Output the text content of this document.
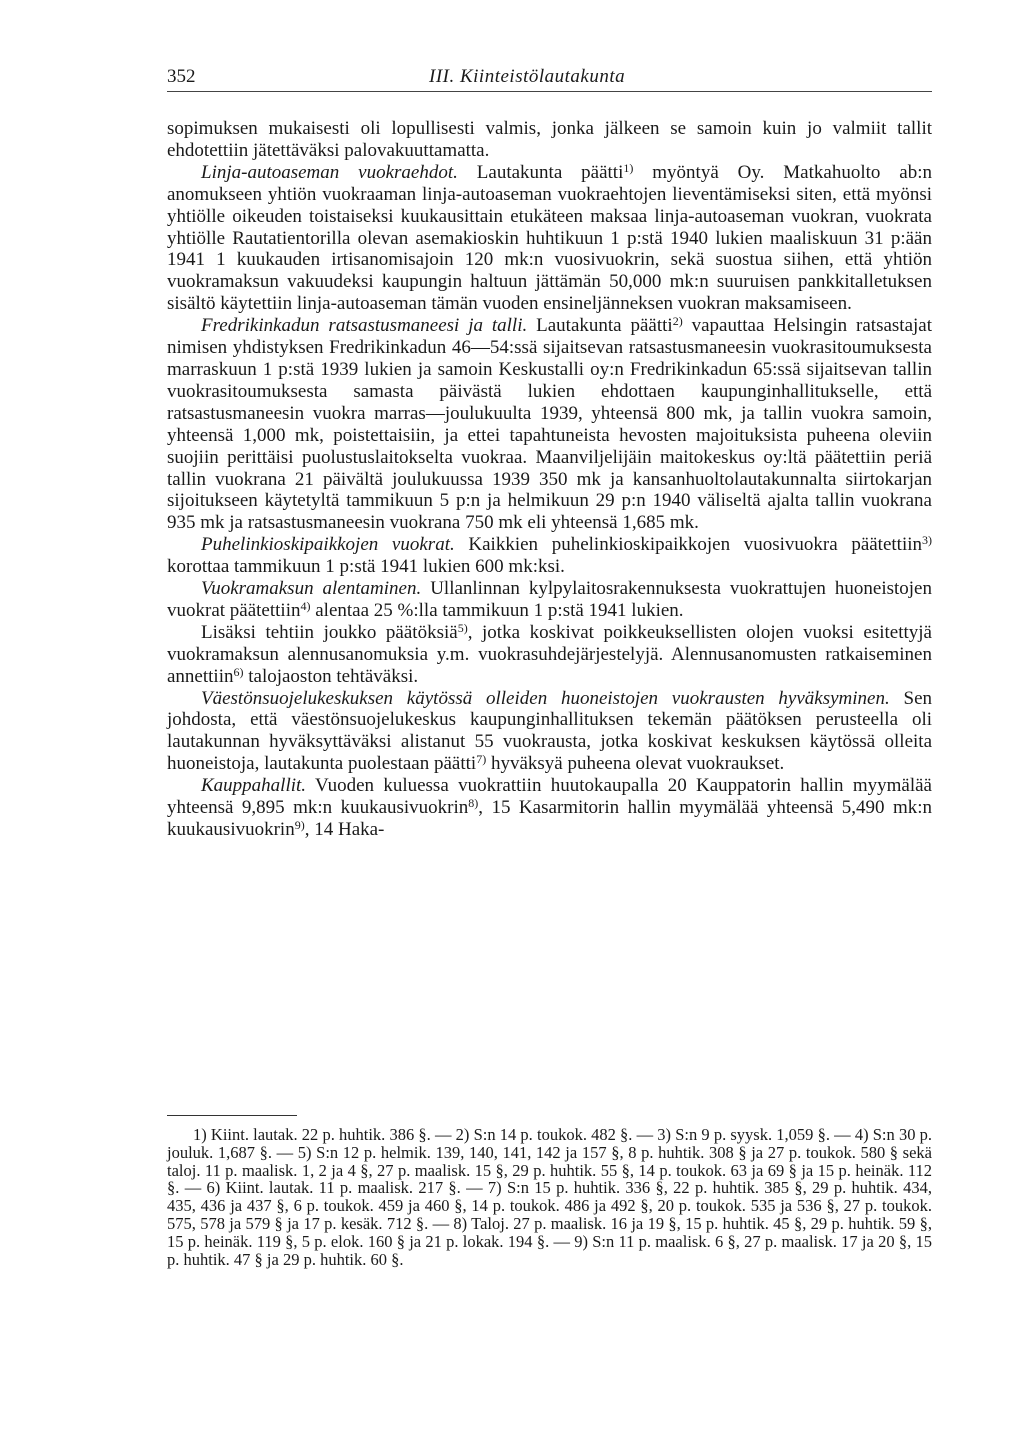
352	III. Kiinteistölautakunta

sopimuksen mukaisesti oli lopullisesti valmis, jonka jälkeen se samoin kuin jo valmiit tallit ehdotettiin jätettäväksi palovakuuttamatta.

Linja-autoaseman vuokraehdot. Lautakunta päätti$^{1)}$ myöntyä Oy. Matkahuolto ab:n anomukseen yhtiön vuokraaman linja-autoaseman vuokraehtojen lieventämiseksi siten, että myönsi yhtiölle oikeuden toistaiseksi kuukausittain etukäteen maksaa linja-autoaseman vuokran, vuokrata yhtiölle Rautatientorilla olevan asemakioskin huhtikuun 1 p:stä 1940 lukien maaliskuun 31 p:ään 1941 1 kuukauden irtisanomisajoin 120 mk:n vuosivuokrin, sekä suostua siihen, että yhtiön vuokramaksun vakuudeksi kaupungin haltuun jättämän 50,000 mk:n suuruisen pankkitalletuksen sisältö käytettiin linja-autoaseman tämän vuoden ensineljänneksen vuokran maksamiseen.

Fredrikinkadun ratsastusmaneesi ja talli. Lautakunta päätti$^{2)}$ vapauttaa Helsingin ratsastajat nimisen yhdistyksen Fredrikinkadun 46—54:ssä sijaitsevan ratsastusmaneesin vuokrasitoumuksesta marraskuun 1 p:stä 1939 lukien ja samoin Keskustalli oy:n Fredrikinkadun 65:ssä sijaitsevan tallin vuokrasitoumuksesta samasta päivästä lukien ehdottaen kaupunginhallitukselle, että ratsastusmaneesin vuokra marras—joulukuulta 1939, yhteensä 800 mk, ja tallin vuokra samoin, yhteensä 1,000 mk, poistettaisiin, ja ettei tapahtuneista hevosten majoituksista puheena oleviin suojiin perittäisi puolustuslaitokselta vuokraa. Maanviljelijäin maitokeskus oy:ltä päätettiin periä tallin vuokrana 21 päivältä joulukuussa 1939 350 mk ja kansanhuoltolautakunnalta siirtokarjan sijoitukseen käytetyltä tammikuun 5 p:n ja helmikuun 29 p:n 1940 väliseltä ajalta tallin vuokrana 935 mk ja ratsastusmaneesin vuokrana 750 mk eli yhteensä 1,685 mk.

Puhelinkioskipaikkojen vuokrat. Kaikkien puhelinkioskipaikkojen vuosivuokra päätettiin$^{3)}$ korottaa tammikuun 1 p:stä 1941 lukien 600 mk:ksi.

Vuokramaksun alentaminen. Ullanlinnan kylpylaitosrakennuksesta vuokrattujen huoneistojen vuokrat päätettiin$^{4)}$ alentaa 25 %:lla tammikuun 1 p:stä 1941 lukien.

Lisäksi tehtiin joukko päätöksiä$^{5)}$, jotka koskivat poikkeuksellisten olojen vuoksi esitettyjä vuokramaksun alennusanomuksia y.m. vuokrasuhdejärjestelyjä. Alennusanomusten ratkaiseminen annettiin$^{6)}$ talojaoston tehtäväksi.

Väestönsuojelukeskuksen käytössä olleiden huoneistojen vuokrausten hyväksyminen. Sen johdosta, että väestönsuojelukeskus kaupunginhallituksen tekemän päätöksen perusteella oli lautakunnan hyväksyttäväksi alistanut 55 vuokrausta, jotka koskivat keskuksen käytössä olleita huoneistoja, lautakunta puolestaan päätti$^{7)}$ hyväksyä puheena olevat vuokraukset.

Kauppahallit. Vuoden kuluessa vuokrattiin huutokaupalla 20 Kauppatorin hallin myymälää yhteensä 9,895 mk:n kuukausivuokrin$^{8)}$, 15 Kasarmitorin hallin myymälää yhteensä 5,490 mk:n kuukausivuokrin$^{9)}$, 14 Haka-

1) Kiint. lautak. 22 p. huhtik. 386 §. — 2) S:n 14 p. toukok. 482 §. — 3) S:n 9 p. syysk. 1,059 §. — 4) S:n 30 p. jouluk. 1,687 §. — 5) S:n 12 p. helmik. 139, 140, 141, 142 ja 157 §, 8 p. huhtik. 308 § ja 27 p. toukok. 580 § sekä taloj. 11 p. maalisk. 1, 2 ja 4 §, 27 p. maalisk. 15 §, 29 p. huhtik. 55 §, 14 p. toukok. 63 ja 69 § ja 15 p. heinäk. 112 §. — 6) Kiint. lautak. 11 p. maalisk. 217 §. — 7) S:n 15 p. huhtik. 336 §, 22 p. huhtik. 385 §, 29 p. huhtik. 434, 435, 436 ja 437 §, 6 p. toukok. 459 ja 460 §, 14 p. toukok. 486 ja 492 §, 20 p. toukok. 535 ja 536 §, 27 p. toukok. 575, 578 ja 579 § ja 17 p. kesäk. 712 §. — 8) Taloj. 27 p. maalisk. 16 ja 19 §, 15 p. huhtik. 45 §, 29 p. huhtik. 59 §, 15 p. heinäk. 119 §, 5 p. elok. 160 § ja 21 p. lokak. 194 §. — 9) S:n 11 p. maalisk. 6 §, 27 p. maalisk. 17 ja 20 §, 15 p. huhtik. 47 § ja 29 p. huhtik. 60 §.
